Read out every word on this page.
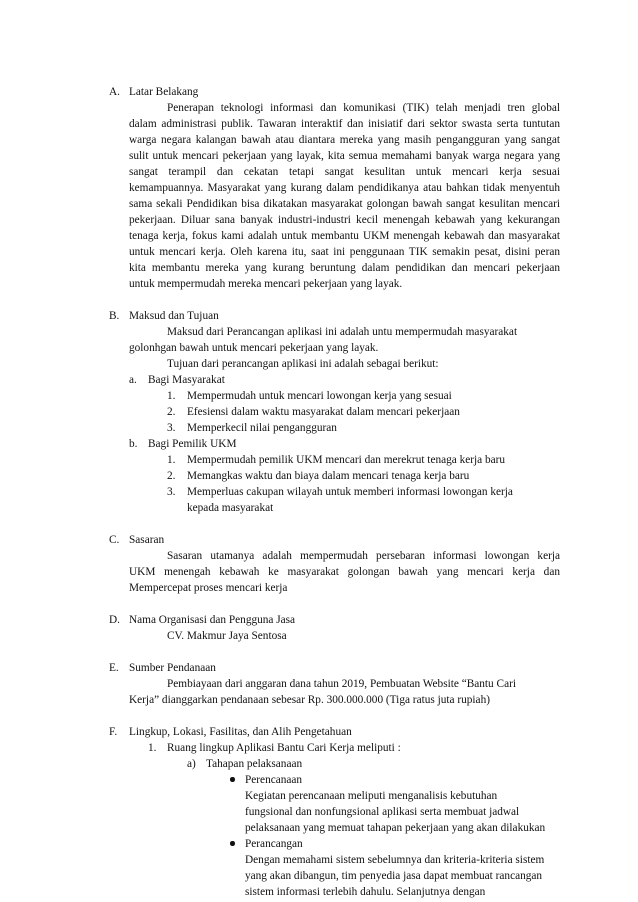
A. Latar Belakang
Penerapan teknologi informasi dan komunikasi (TIK) telah menjadi tren global
dalam administrasi publik. Tawaran interaktif dan inisiatif dari sektor swasta serta tuntutan
warga negara kalangan bawah atau diantara mereka yang masih pengangguran yang sangat
sulit untuk mencari pekerjaan yang layak, kita semua memahami banyak warga negara yang
sangat terampil dan cekatan tetapi sangat kesulitan untuk mencari kerja sesuai
kemampuannya. Masyarakat yang kurang dalam pendidikanya atau bahkan tidak menyentuh
sama sekali Pendidikan bisa dikatakan masyarakat golongan bawah sangat kesulitan mencari
pekerjaan. Diluar sana banyak industri-industri kecil menengah kebawah yang kekurangan
tenaga kerja, fokus kami adalah untuk membantu UKM menengah kebawah dan masyarakat
untuk mencari kerja. Oleh karena itu, saat ini penggunaan TIK semakin pesat, disini peran
kita membantu mereka yang kurang beruntung dalam pendidikan dan mencari pekerjaan
untuk mempermudah mereka mencari pekerjaan yang layak.
B. Maksud dan Tujuan
Maksud dari Perancangan aplikasi ini adalah untu mempermudah masyarakat
golonhgan bawah untuk mencari pekerjaan yang layak.
Tujuan dari perancangan aplikasi ini adalah sebagai berikut:
a. Bagi Masyarakat
1. Mempermudah untuk mencari lowongan kerja yang sesuai
2. Efesiensi dalam waktu masyarakat dalam mencari pekerjaan
3. Memperkecil nilai pengangguran
b. Bagi Pemilik UKM
1. Mempermudah pemilik UKM mencari dan merekrut tenaga kerja baru
2. Memangkas waktu dan biaya dalam mencari tenaga kerja baru
3. Memperluas cakupan wilayah untuk memberi informasi lowongan kerja
kepada masyarakat
C. Sasaran
Sasaran utamanya adalah mempermudah persebaran informasi lowongan kerja
UKM menengah kebawah ke masyarakat golongan bawah yang mencari kerja dan
Mempercepat proses mencari kerja
D. Nama Organisasi dan Pengguna Jasa
CV. Makmur Jaya Sentosa
E. Sumber Pendanaan
Pembiayaan dari anggaran dana tahun 2019, Pembuatan Website “Bantu Cari
Kerja” dianggarkan pendanaan sebesar Rp. 300.000.000 (Tiga ratus juta rupiah)
F. Lingkup, Lokasi, Fasilitas, dan Alih Pengetahuan
1. Ruang lingkup Aplikasi Bantu Cari Kerja meliputi :
a) Tahapan pelaksanaan
Perencanaan
Kegiatan perencanaan meliputi menganalisis kebutuhan
fungsional dan nonfungsional aplikasi serta membuat jadwal
pelaksanaan yang memuat tahapan pekerjaan yang akan dilakukan
Perancangan
Dengan memahami sistem sebelumnya dan kriteria-kriteria sistem
yang akan dibangun, tim penyedia jasa dapat membuat rancangan
sistem informasi terlebih dahulu. Selanjutnya dengan
